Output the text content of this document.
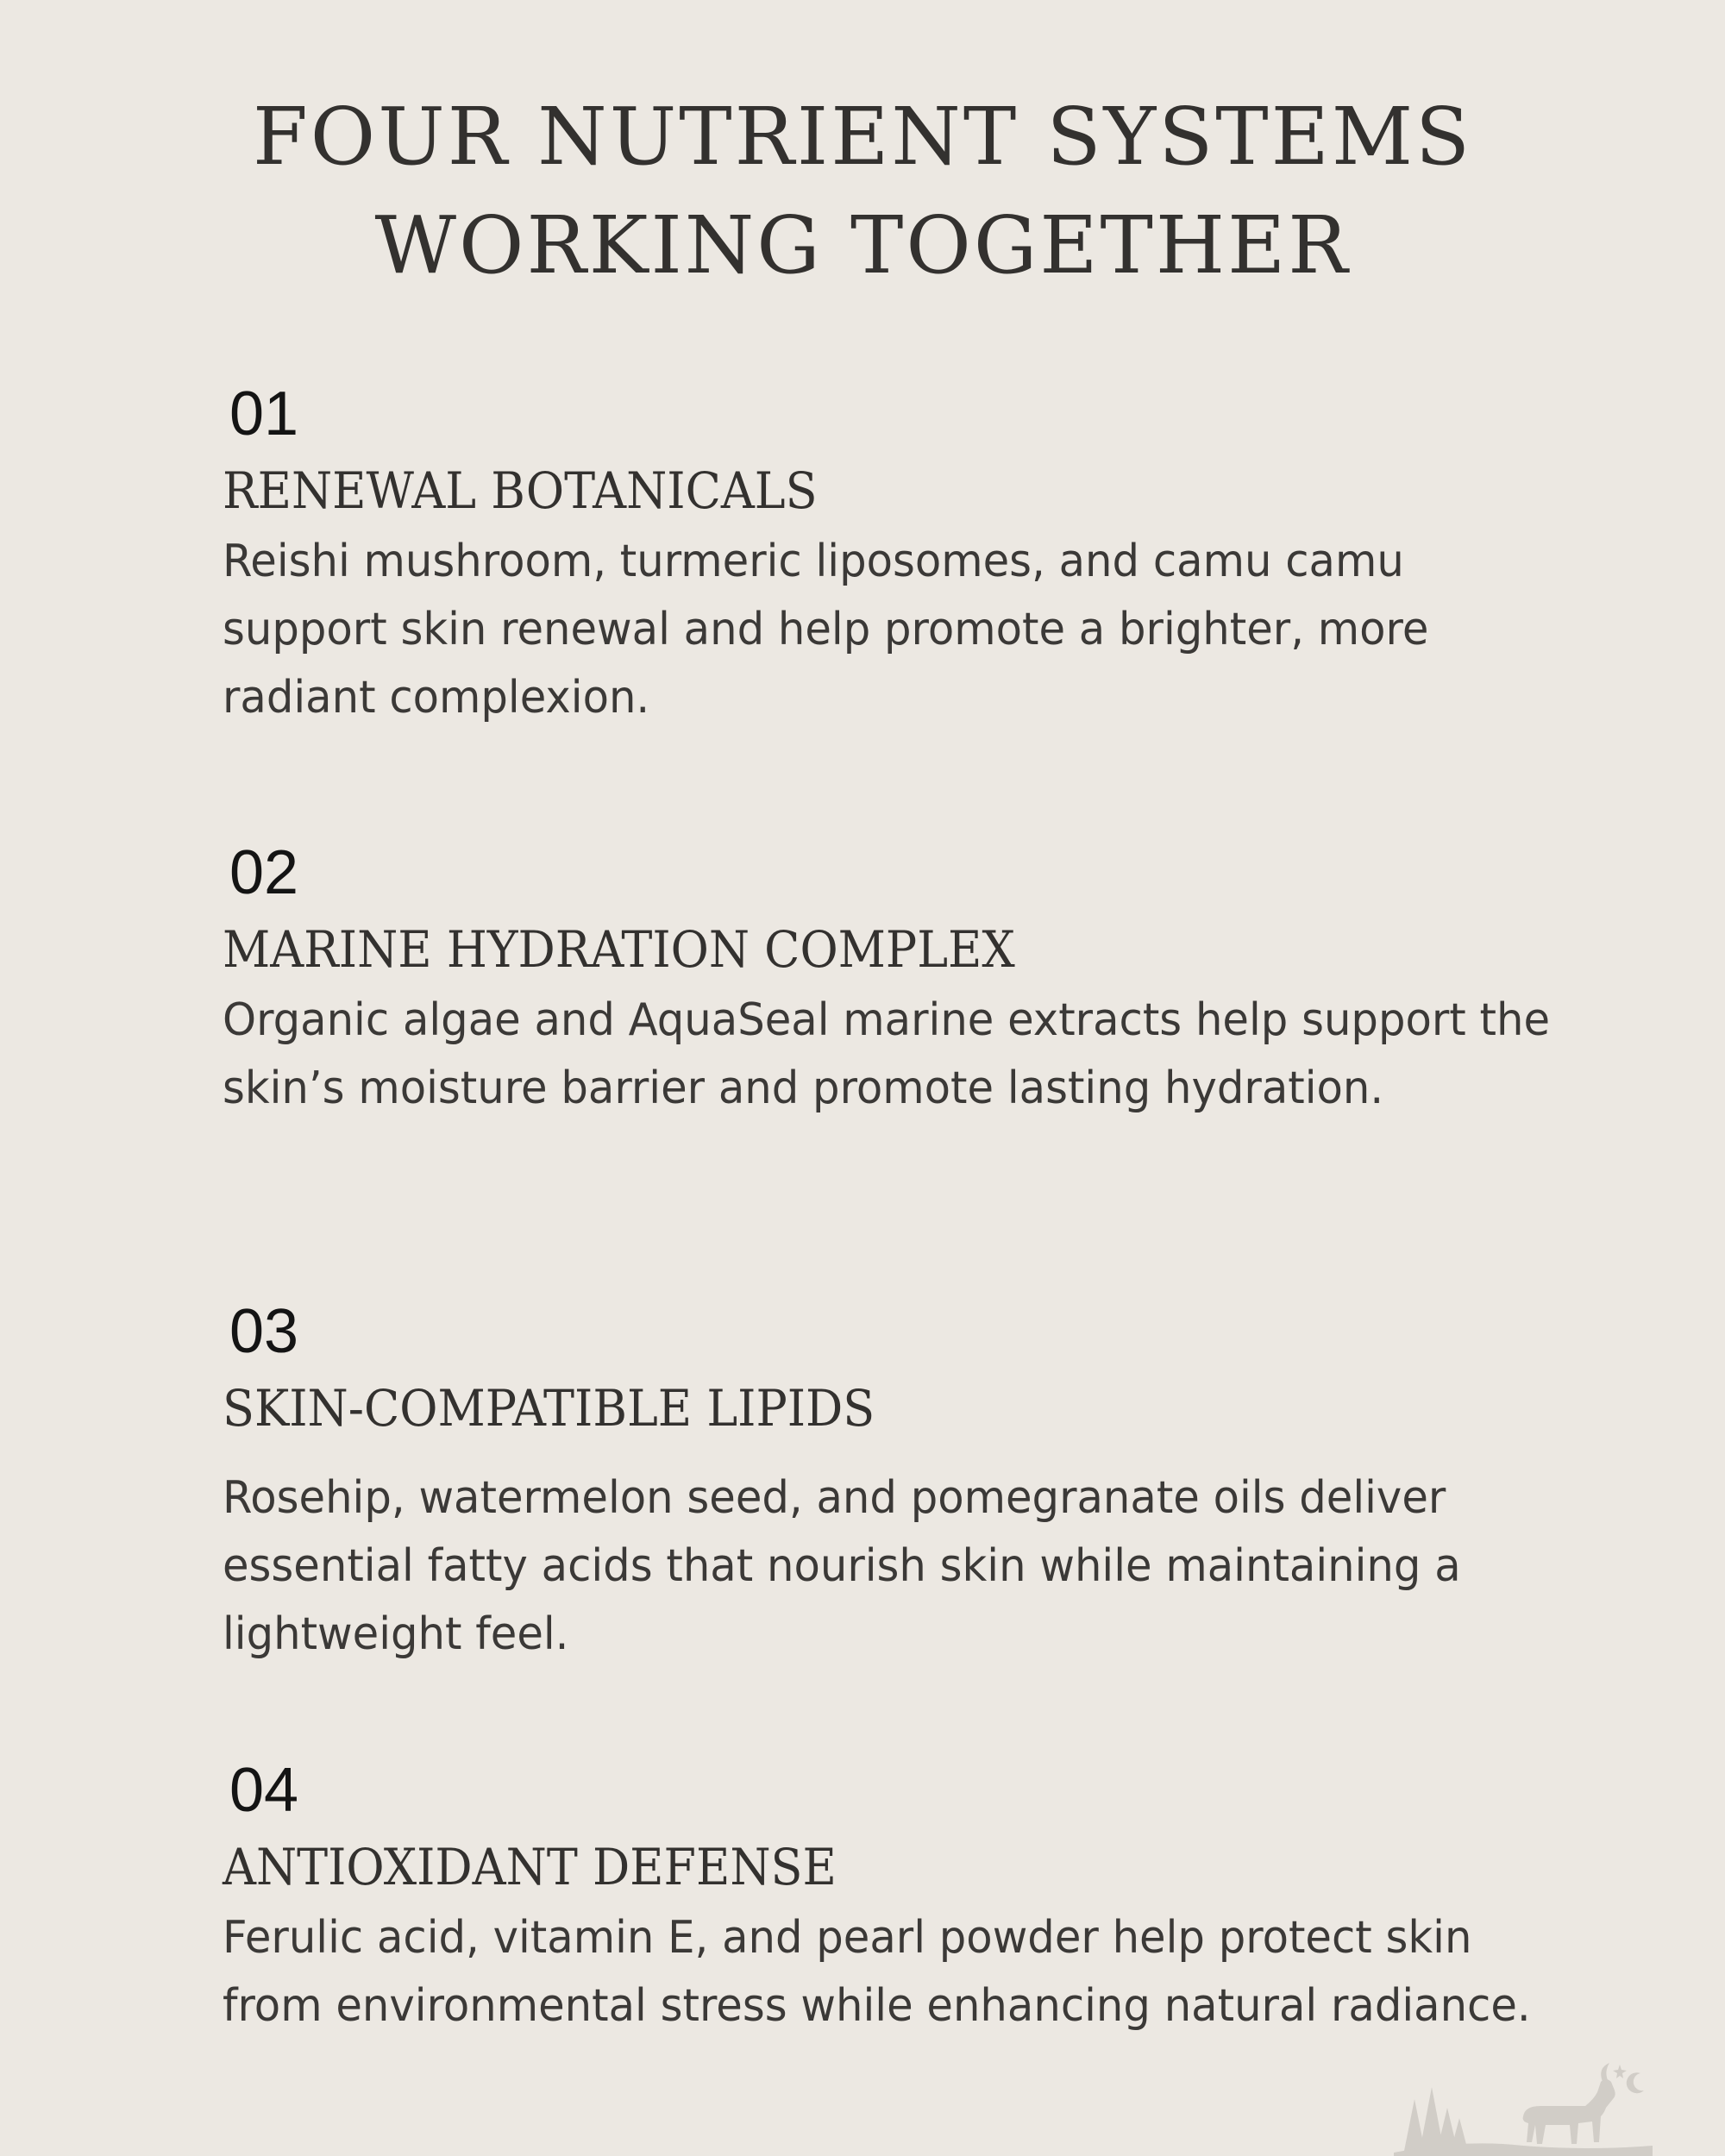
FOUR NUTRIENT SYSTEMS
WORKING TOGETHER
01
RENEWAL BOTANICALS

Reishi mushroom, turmeric liposomes, and camu camu support skin renewal and help promote a brighter, more radiant complexion.

02
MARINE HYDRATION COMPLEX

Organic algae and AquaSeal marine extracts help support the skin’s moisture barrier and promote lasting hydration.

03
SKIN-COMPATIBLE LIPIDS

Rosehip, watermelon seed, and pomegranate oils deliver essential fatty acids that nourish skin while maintaining a lightweight feel.

04
ANTIOXIDANT DEFENSE

Ferulic acid, vitamin E, and pearl powder help protect skin from environmental stress while enhancing natural radiance.
